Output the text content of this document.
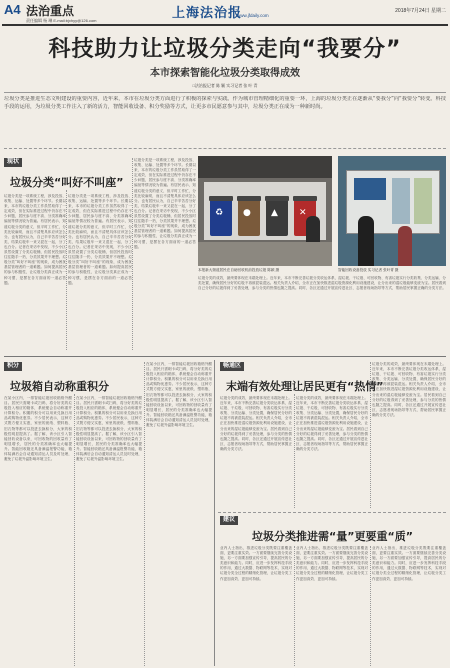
A4 法治重点
责任编辑 杨 琳 E-mail:bjxhyy@126.com	上海法治报
www.jfdaily.com
2018年7月24日 星期二
科技助力让垃圾分类走向“我要分”
本市探索智能化垃圾分类取得成效
□法治报记者 陈 颖 实习记者 张 叶 青
垃圾分类是推进生态文明建设的重要内容，近年来，本市在垃圾分类方面进行了积极的探索与实践。作为城市管理精细化的重要一环，上海的垃圾分类正在逐渐从“要我分”向“我要分”转变。科技手段的运用，为垃圾分类工作注入了新的活力，智能回收设备、积分奖励等方式，让更多市民愿意参与其中，垃圾分类正在成为一种新时尚。
现状
垃圾分类“叫好不叫座”
垃圾分类是一项系统工程，涉及投放、收集、运输、处置等多个环节。长期以来，本市的垃圾分类工作虽然取得了一定成效，但在实际推进过程中仍存在不少问题，居民参与度不高、分类准确率偏低等情况较为普遍。有居民表示，知道垃圾分类的意义，但平时工作忙，分类比较麻烦，而且不清楚具体应该怎么分。也有居民认为，自己辛辛苦苦分好类，结果垃圾车一来又混在一起，分了也白分。记者在采访中发现，不少小区虽然设置了分类垃圾桶，但居民投放时往往随手一扔，分类效果并不理想。垃圾分类“叫好不叫座”的现象，成为困扰基层管理者的一道难题。如何提高居民的参与积极性，让垃圾分类真正成为一种习惯，是摆在各方面前的一道必答题。
垃圾分类是一项系统工程，涉及投放、收集、运输、处置等多个环节。长期以来，本市的垃圾分类工作虽然取得了一定成效，但在实际推进过程中仍存在不少问题，居民参与度不高、分类准确率偏低等情况较为普遍。有居民表示，知道垃圾分类的意义，但平时工作忙，分类比较麻烦，而且不清楚具体应该怎么分。也有居民认为，自己辛辛苦苦分好类，结果垃圾车一来又混在一起，分了也白分。记者在采访中发现，不少小区虽然设置了分类垃圾桶，但居民投放时往往随手一扔，分类效果并不理想。垃圾分类“叫好不叫座”的现象，成为困扰基层管理者的一道难题。如何提高居民的参与积极性，让垃圾分类真正成为一种习惯，是摆在各方面前的一道必答题。
垃圾分类是一项系统工程，涉及投放、收集、运输、处置等多个环节。长期以来，本市的垃圾分类工作虽然取得了一定成效，但在实际推进过程中仍存在不少问题，居民参与度不高、分类准确率偏低等情况较为普遍。有居民表示，知道垃圾分类的意义，但平时工作忙，分类比较麻烦，而且不清楚具体应该怎么分。也有居民认为，自己辛辛苦苦分好类，结果垃圾车一来又混在一起，分了也白分。记者在采访中发现，不少小区虽然设置了分类垃圾桶，但居民投放时往往随手一扔，分类效果并不理想。垃圾分类“叫好不叫座”的现象，成为困扰基层管理者的一道难题。如何提高居民的参与积极性，让垃圾分类真正成为一种习惯，是摆在各方面前的一道必答题。
♻ ● ▲ ✕
本报新大街道居民在自助回收机前投放垃圾 陈颖 摄	智能回收设备投放 实习记者 张叶青 摄
垃圾分类的成效，最终要体现在末端处理上。近年来，本市不断完善垃圾分类收运体系，湿垃圾、干垃圾、可回收物、有害垃圾实行分类收集、分类运输、分类处置，确保居民分好的垃圾不再被混装混运。相关负责人介绍，全市正在加快推进湿垃圾资源化利用设施建设，让分出来的湿垃圾能够变废为宝。居民看到自己分好的垃圾得到了妥善处理，参与分类的热情也随之提高。同时，各区还通过开展宣传进社区、志愿者现场指导等方式，帮助居民掌握正确的分类方法。
积分
垃圾箱自动称重积分
在某小区内，一排智能垃圾回收箱格外醒目。居民只需刷卡或扫码，将分好类的垃圾投入相应的箱体，系统便会自动称重并计算积分。积累的积分可以用来兑换日用品或购物优惠券。不少居民表示，这种方式既方便又实惠，家里的废纸、塑料瓶、旧衣物等都可以投进去换积分，大家的积极性明显提高了。据了解，该小区引入智能回收设备以来，可回收物的回收量有了明显增长，居民的分类准确率也大幅提升。智能回收箱还具备满溢报警功能，箱体装满后会自动通知清运人员及时处理，避免了垃圾外溢影响环境卫生。
在某小区内，一排智能垃圾回收箱格外醒目。居民只需刷卡或扫码，将分好类的垃圾投入相应的箱体，系统便会自动称重并计算积分。积累的积分可以用来兑换日用品或购物优惠券。不少居民表示，这种方式既方便又实惠，家里的废纸、塑料瓶、旧衣物等都可以投进去换积分，大家的积极性明显提高了。据了解，该小区引入智能回收设备以来，可回收物的回收量有了明显增长，居民的分类准确率也大幅提升。智能回收箱还具备满溢报警功能，箱体装满后会自动通知清运人员及时处理，避免了垃圾外溢影响环境卫生。
在某小区内，一排智能垃圾回收箱格外醒目。居民只需刷卡或扫码，将分好类的垃圾投入相应的箱体，系统便会自动称重并计算积分。积累的积分可以用来兑换日用品或购物优惠券。不少居民表示，这种方式既方便又实惠，家里的废纸、塑料瓶、旧衣物等都可以投进去换积分，大家的积极性明显提高了。据了解，该小区引入智能回收设备以来，可回收物的回收量有了明显增长，居民的分类准确率也大幅提升。智能回收箱还具备满溢报警功能，箱体装满后会自动通知清运人员及时处理，避免了垃圾外溢影响环境卫生。
畅通区
末端有效处理让居民更有“热情”
垃圾分类的成效，最终要体现在末端处理上。近年来，本市不断完善垃圾分类收运体系，湿垃圾、干垃圾、可回收物、有害垃圾实行分类收集、分类运输、分类处置，确保居民分好的垃圾不再被混装混运。相关负责人介绍，全市正在加快推进湿垃圾资源化利用设施建设，让分出来的湿垃圾能够变废为宝。居民看到自己分好的垃圾得到了妥善处理，参与分类的热情也随之提高。同时，各区还通过开展宣传进社区、志愿者现场指导等方式，帮助居民掌握正确的分类方法。
垃圾分类的成效，最终要体现在末端处理上。近年来，本市不断完善垃圾分类收运体系，湿垃圾、干垃圾、可回收物、有害垃圾实行分类收集、分类运输、分类处置，确保居民分好的垃圾不再被混装混运。相关负责人介绍，全市正在加快推进湿垃圾资源化利用设施建设，让分出来的湿垃圾能够变废为宝。居民看到自己分好的垃圾得到了妥善处理，参与分类的热情也随之提高。同时，各区还通过开展宣传进社区、志愿者现场指导等方式，帮助居民掌握正确的分类方法。
垃圾分类的成效，最终要体现在末端处理上。近年来，本市不断完善垃圾分类收运体系，湿垃圾、干垃圾、可回收物、有害垃圾实行分类收集、分类运输、分类处置，确保居民分好的垃圾不再被混装混运。相关负责人介绍，全市正在加快推进湿垃圾资源化利用设施建设，让分出来的湿垃圾能够变废为宝。居民看到自己分好的垃圾得到了妥善处理，参与分类的热情也随之提高。同时，各区还通过开展宣传进社区、志愿者现场指导等方式，帮助居民掌握正确的分类方法。
建议
垃圾分类推进需“量”更要重“质”
业内人士指出，推进垃圾分类既要注重覆盖面，更要注重实效。一方面要继续完善分类设施，另一方面要加强宣传引导，提高居民的分类意识和能力。同时，应进一步发挥科技手段的作用，通过大数据、物联网等技术，实现对垃圾分类全过程的精细化管理，让垃圾分类工作更加高效、更加可持续。
业内人士指出，推进垃圾分类既要注重覆盖面，更要注重实效。一方面要继续完善分类设施，另一方面要加强宣传引导，提高居民的分类意识和能力。同时，应进一步发挥科技手段的作用，通过大数据、物联网等技术，实现对垃圾分类全过程的精细化管理，让垃圾分类工作更加高效、更加可持续。
业内人士指出，推进垃圾分类既要注重覆盖面，更要注重实效。一方面要继续完善分类设施，另一方面要加强宣传引导，提高居民的分类意识和能力。同时，应进一步发挥科技手段的作用，通过大数据、物联网等技术，实现对垃圾分类全过程的精细化管理，让垃圾分类工作更加高效、更加可持续。
